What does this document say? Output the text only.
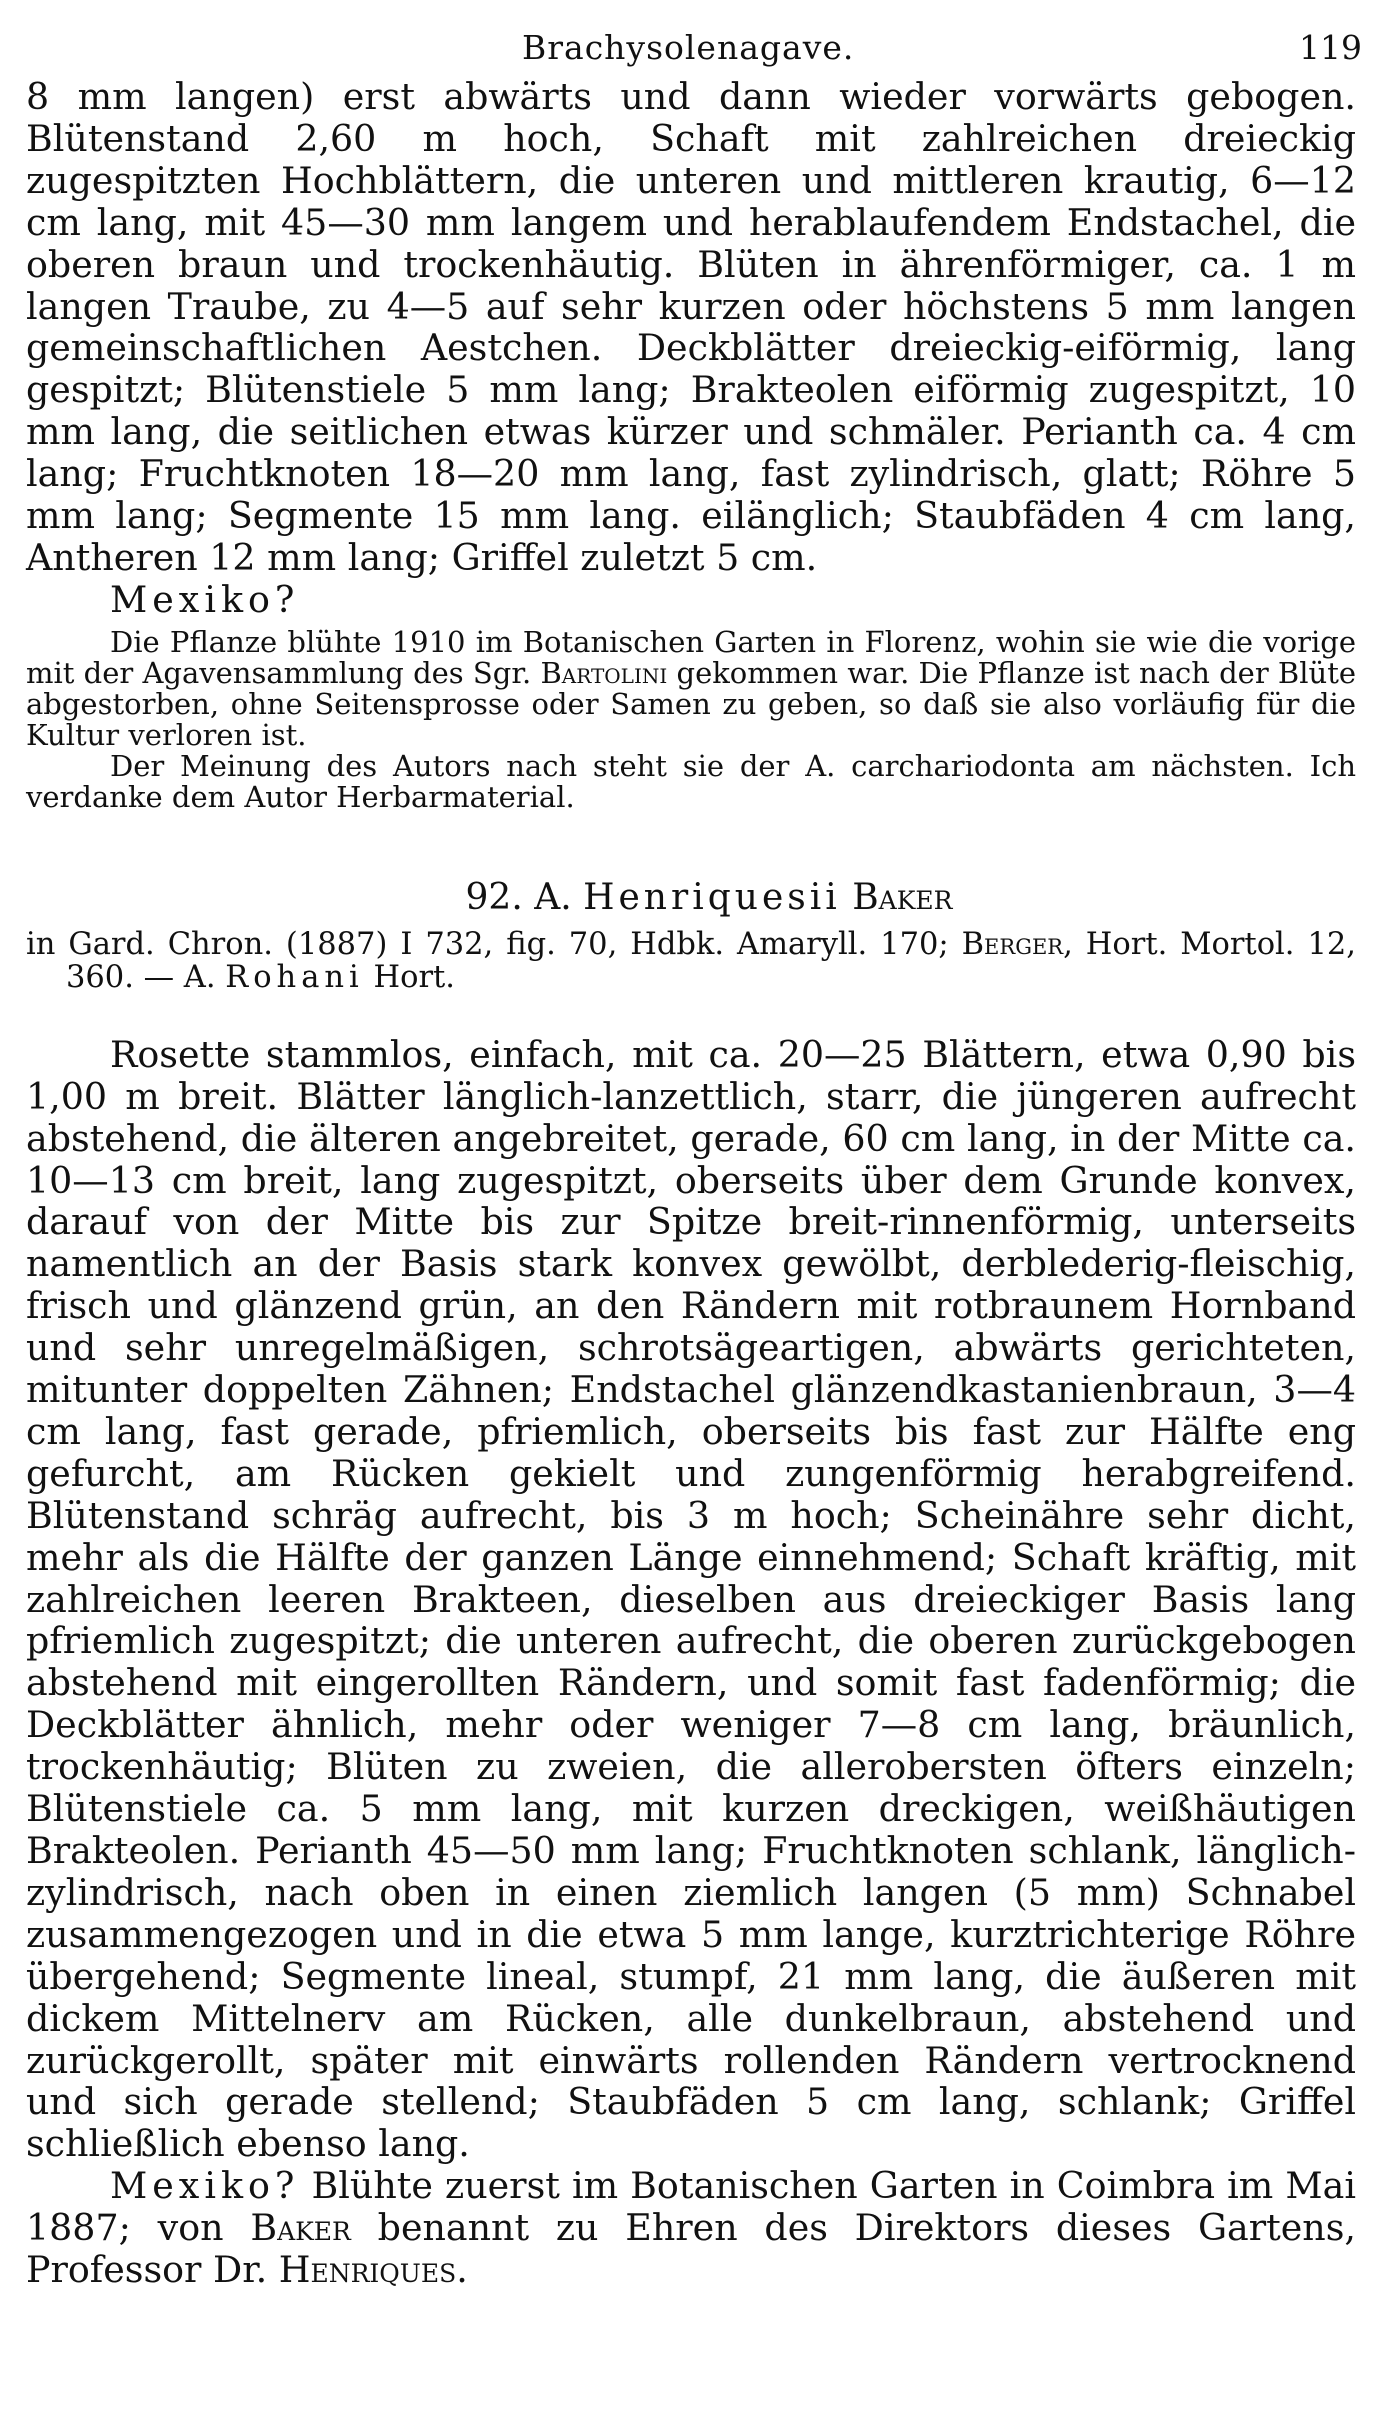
Brachysolenagave.	119

8 mm langen) erst abwärts und dann wieder vorwärts gebogen. Blütenstand 2,60 m hoch, Schaft mit zahlreichen dreieckig zugespitzten Hochblättern, die unteren und mittleren krautig, 6—12 cm lang, mit 45—30 mm langem und herablaufendem Endstachel, die oberen braun und trockenhäutig. Blüten in ährenförmiger, ca. 1 m langen Traube, zu 4—5 auf sehr kurzen oder höchstens 5 mm langen gemeinschaftlichen Aestchen. Deckblätter dreieckig-eiförmig, lang gespitzt; Blütenstiele 5 mm lang; Brakteolen eiförmig zugespitzt, 10 mm lang, die seitlichen etwas kürzer und schmäler. Perianth ca. 4 cm lang; Fruchtknoten 18—20 mm lang, fast zylindrisch, glatt; Röhre 5 mm lang; Segmente 15 mm lang. eilänglich; Staubfäden 4 cm lang, Antheren 12 mm lang; Griffel zuletzt 5 cm.

Mexiko?

Die Pflanze blühte 1910 im Botanischen Garten in Florenz, wohin sie wie die vorige mit der Agavensammlung des Sgr. Bartolini gekommen war. Die Pflanze ist nach der Blüte abgestorben, ohne Seitensprosse oder Samen zu geben, so daß sie also vorläufig für die Kultur verloren ist.

Der Meinung des Autors nach steht sie der A. carchariodonta am nächsten. Ich verdanke dem Autor Herbarmaterial.

92. A. Henriquesii Baker
in Gard. Chron. (1887) I 732, fig. 70, Hdbk. Amaryll. 170; Berger, Hort. Mortol. 12, 360. — A. Rohani Hort.

Rosette stammlos, einfach, mit ca. 20—25 Blättern, etwa 0,90 bis 1,00 m breit. Blätter länglich-lanzettlich, starr, die jüngeren aufrecht abstehend, die älteren angebreitet, gerade, 60 cm lang, in der Mitte ca. 10—13 cm breit, lang zugespitzt, oberseits über dem Grunde konvex, darauf von der Mitte bis zur Spitze breit-rinnenförmig, unterseits namentlich an der Basis stark konvex gewölbt, derblederig-fleischig, frisch und glänzend grün, an den Rändern mit rotbraunem Hornband und sehr unregelmäßigen, schrotsägeartigen, abwärts gerichteten, mitunter doppelten Zähnen; Endstachel glänzendkastanienbraun, 3—4 cm lang, fast gerade, pfriemlich, oberseits bis fast zur Hälfte eng gefurcht, am Rücken gekielt und zungenförmig herabgreifend. Blütenstand schräg aufrecht, bis 3 m hoch; Scheinähre sehr dicht, mehr als die Hälfte der ganzen Länge einnehmend; Schaft kräftig, mit zahlreichen leeren Brakteen, dieselben aus dreieckiger Basis lang pfriemlich zugespitzt; die unteren aufrecht, die oberen zurückgebogen abstehend mit eingerollten Rändern, und somit fast fadenförmig; die Deckblätter ähnlich, mehr oder weniger 7—8 cm lang, bräunlich, trockenhäutig; Blüten zu zweien, die allerobersten öfters einzeln; Blütenstiele ca. 5 mm lang, mit kurzen dreckigen, weißhäutigen Brakteolen. Perianth 45—50 mm lang; Fruchtknoten schlank, länglich-zylindrisch, nach oben in einen ziemlich langen (5 mm) Schnabel zusammengezogen und in die etwa 5 mm lange, kurztrichterige Röhre übergehend; Segmente lineal, stumpf, 21 mm lang, die äußeren mit dickem Mittelnerv am Rücken, alle dunkelbraun, abstehend und zurückgerollt, später mit einwärts rollenden Rändern vertrocknend und sich gerade stellend; Staubfäden 5 cm lang, schlank; Griffel schließlich ebenso lang.

Mexiko? Blühte zuerst im Botanischen Garten in Coimbra im Mai 1887; von Baker benannt zu Ehren des Direktors dieses Gartens, Professor Dr. Henriques.
